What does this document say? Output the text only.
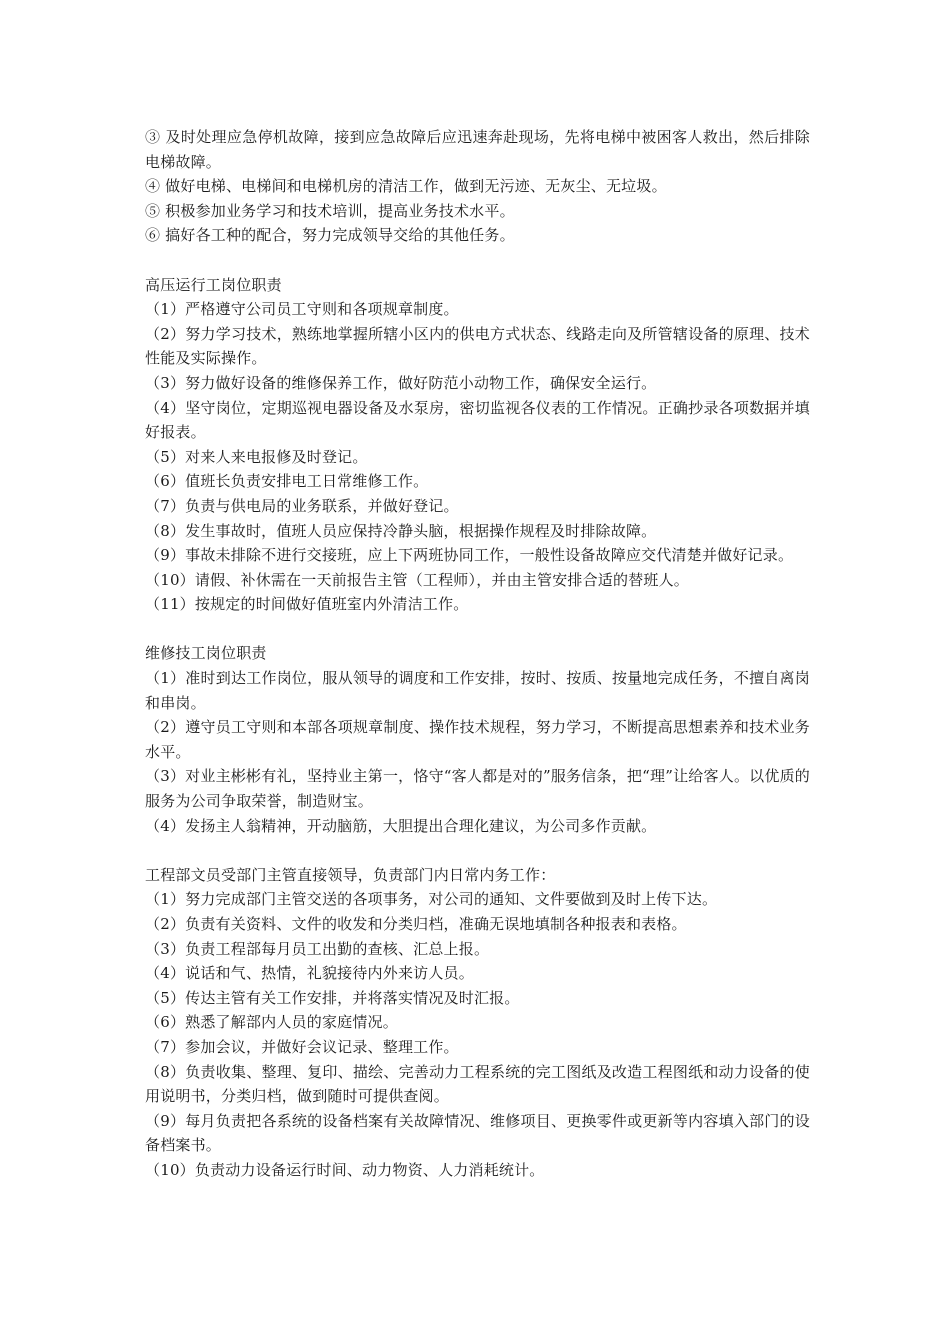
③ 及时处理应急停机故障，接到应急故障后应迅速奔赴现场，先将电梯中被困客人救出，然后排除电梯故障。

④ 做好电梯、电梯间和电梯机房的清洁工作，做到无污迹、无灰尘、无垃圾。

⑤ 积极参加业务学习和技术培训，提高业务技术水平。

⑥ 搞好各工种的配合，努力完成领导交给的其他任务。

高压运行工岗位职责

（1）严格遵守公司员工守则和各项规章制度。

（2）努力学习技术，熟练地掌握所辖小区内的供电方式状态、线路走向及所管辖设备的原理、技术性能及实际操作。

（3）努力做好设备的维修保养工作，做好防范小动物工作，确保安全运行。

（4）坚守岗位，定期巡视电器设备及水泵房，密切监视各仪表的工作情况。正确抄录各项数据并填好报表。

（5）对来人来电报修及时登记。

（6）值班长负责安排电工日常维修工作。

（7）负责与供电局的业务联系，并做好登记。

（8）发生事故时，值班人员应保持冷静头脑，根据操作规程及时排除故障。

（9）事故未排除不进行交接班，应上下两班协同工作，一般性设备故障应交代清楚并做好记录。

（10）请假、补休需在一天前报告主管（工程师），并由主管安排合适的替班人。

（11）按规定的时间做好值班室内外清洁工作。

维修技工岗位职责

（1）准时到达工作岗位，服从领导的调度和工作安排，按时、按质、按量地完成任务，不擅自离岗和串岗。

（2）遵守员工守则和本部各项规章制度、操作技术规程，努力学习，不断提高思想素养和技术业务水平。

（3）对业主彬彬有礼，坚持业主第一，恪守“客人都是对的”服务信条，把“理”让给客人。以优质的服务为公司争取荣誉，制造财宝。

（4）发扬主人翁精神，开动脑筋，大胆提出合理化建议，为公司多作贡献。

工程部文员受部门主管直接领导，负责部门内日常内务工作：

（1）努力完成部门主管交送的各项事务，对公司的通知、文件要做到及时上传下达。

（2）负责有关资料、文件的收发和分类归档，准确无误地填制各种报表和表格。

（3）负责工程部每月员工出勤的查核、汇总上报。

（4）说话和气、热情，礼貌接待内外来访人员。

（5）传达主管有关工作安排，并将落实情况及时汇报。

（6）熟悉了解部内人员的家庭情况。

（7）参加会议，并做好会议记录、整理工作。

（8）负责收集、整理、复印、描绘、完善动力工程系统的完工图纸及改造工程图纸和动力设备的使用说明书，分类归档，做到随时可提供查阅。

（9）每月负责把各系统的设备档案有关故障情况、维修项目、更换零件或更新等内容填入部门的设备档案书。

（10）负责动力设备运行时间、动力物资、人力消耗统计。
